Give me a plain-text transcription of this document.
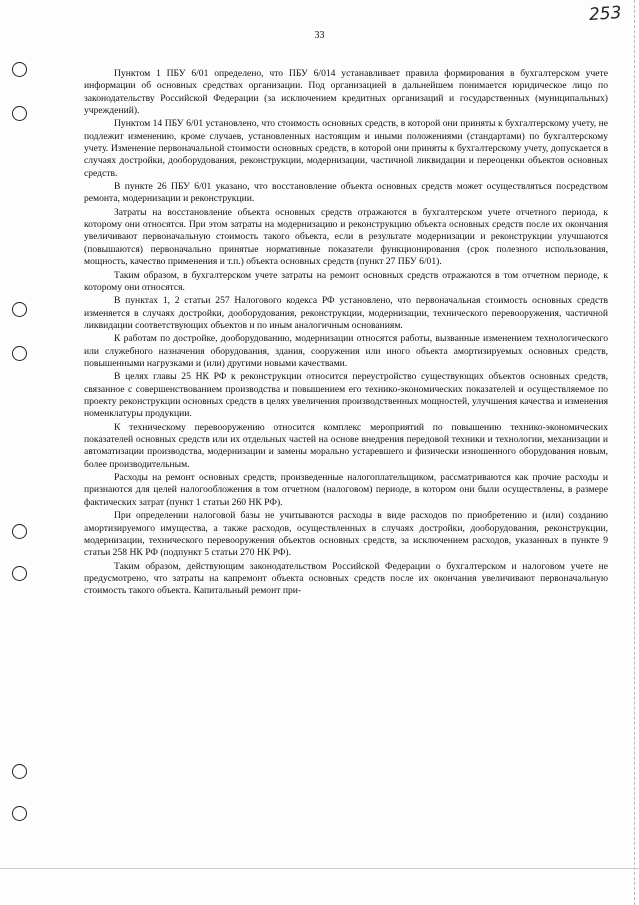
253
33

Пунктом 1 ПБУ 6/01 определено, что ПБУ 6/014 устанавливает правила формирования в бухгалтерском учете информации об основных средствах организации. Под организацией в дальнейшем понимается юридическое лицо по законодательству Российской Федерации (за исключением кредитных организаций и государственных (муниципальных) учреждений).

Пунктом 14 ПБУ 6/01 установлено, что стоимость основных средств, в которой они приняты к бухгалтерскому учету, не подлежит изменению, кроме случаев, установленных настоящим и иными положениями (стандартами) по бухгалтерскому учету. Изменение первоначальной стоимости основных средств, в которой они приняты к бухгалтерскому учету, допускается в случаях достройки, дооборудования, реконструкции, модернизации, частичной ликвидации и переоценки объектов основных средств.

В пункте 26 ПБУ 6/01 указано, что восстановление объекта основных средств может осуществляться посредством ремонта, модернизации и реконструкции.

Затраты на восстановление объекта основных средств отражаются в бухгалтерском учете отчетного периода, к которому они относятся. При этом затраты на модернизацию и реконструкцию объекта основных средств после их окончания увеличивают первоначальную стоимость такого объекта, если в результате модернизации и реконструкции улучшаются (повышаются) первоначально принятые нормативные показатели функционирования (срок полезного использования, мощность, качество применения и т.п.) объекта основных средств (пункт 27 ПБУ 6/01).

Таким образом, в бухгалтерском учете затраты на ремонт основных средств отражаются в том отчетном периоде, к которому они относятся.

В пунктах 1, 2 статьи 257 Налогового кодекса РФ установлено, что первоначальная стоимость основных средств изменяется в случаях достройки, дооборудования, реконструкции, модернизации, технического перевооружения, частичной ликвидации соответствующих объектов и по иным аналогичным основаниям.

К работам по достройке, дооборудованию, модернизации относятся работы, вызванные изменением технологического или служебного назначения оборудования, здания, сооружения или иного объекта амортизируемых основных средств, повышенными нагрузками и (или) другими новыми качествами.

В целях главы 25 НК РФ к реконструкции относится переустройство существующих объектов основных средств, связанное с совершенствованием производства и повышением его технико-экономических показателей и осуществляемое по проекту реконструкции основных средств в целях увеличения производственных мощностей, улучшения качества и изменения номенклатуры продукции.

К техническому перевооружению относится комплекс мероприятий по повышению технико-экономических показателей основных средств или их отдельных частей на основе внедрения передовой техники и технологии, механизации и автоматизации производства, модернизации и замены морально устаревшего и физически изношенного оборудования новым, более производительным.

Расходы на ремонт основных средств, произведенные налогоплательщиком, рассматриваются как прочие расходы и признаются для целей налогообложения в том отчетном (налоговом) периоде, в котором они были осуществлены, в размере фактических затрат (пункт 1 статьи 260 НК РФ).

При определении налоговой базы не учитываются расходы в виде расходов по приобретению и (или) созданию амортизируемого имущества, а также расходов, осуществленных в случаях достройки, дооборудования, реконструкции, модернизации, технического перевооружения объектов основных средств, за исключением расходов, указанных в пункте 9 статьи 258 НК РФ (подпункт 5 статьи 270 НК РФ).

Таким образом, действующим законодательством Российской Федерации о бухгалтерском и налоговом учете не предусмотрено, что затраты на капремонт объекта основных средств после их окончания увеличивают первоначальную стоимость такого объекта. Капитальный ремонт при-
